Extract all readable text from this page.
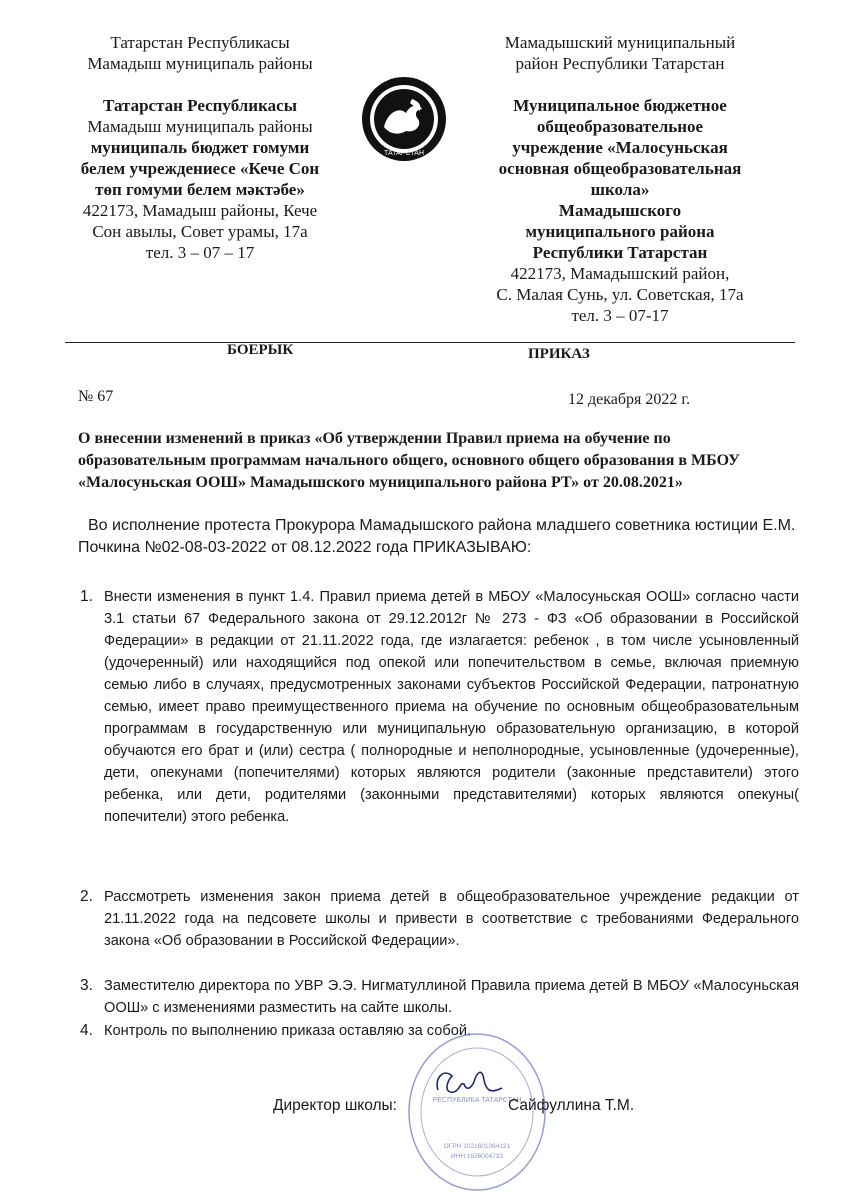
Татарстан Республикасы
Мамадыш муниципаль районы
Татарстан Республикасы
Мамадыш муниципаль районы
муниципаль бюджет гомуми
белем учреждениесе «Кече Сон
төп гомуми белем мәктәбе»
422173, Мамадыш районы, Кече
Сон авылы, Совет урамы, 17а
тел. 3 – 07 – 17
ТАТАРСТАН
Мамадышский муниципальный
район Республики Татарстан
Муниципальное бюджетное
общеобразовательное
учреждение «Малосуньская
основная общеобразовательная
школа»
Мамадышского
муниципального района
Республики Татарстан
422173, Мамадышский район,
С. Малая Сунь, ул. Советская, 17а
тел. 3 – 07-17
БОЕРЫК	ПРИКАЗ
№ 67	12 декабря 2022 г.
О внесении изменений в приказ «Об утверждении Правил приема на обучение по образовательным программам начального общего, основного общего образования в МБОУ «Малосуньская ООШ» Мамадышского муниципального района РТ» от 20.08.2021»
Во исполнение протеста Прокурора Мамадышского района младшего советника юстиции Е.М. Почкина №02-08-03-2022 от 08.12.2022 года ПРИКАЗЫВАЮ:
1. Внести изменения в пункт 1.4. Правил приема детей в МБОУ «Малосуньская ООШ» согласно части 3.1 статьи 67 Федерального закона от 29.12.2012г № 273 - ФЗ «Об образовании в Российской Федерации» в редакции от 21.11.2022 года, где излагается: ребенок , в том числе усыновленный (удочеренный) или находящийся под опекой или попечительством в семье, включая приемную семью либо в случаях, предусмотренных законами субъектов Российской Федерации, патронатную семью, имеет право преимущественного приема на обучение по основным общеобразовательным программам в государственную или муниципальную образовательную организацию, в которой обучаются его брат и (или) сестра ( полнородные и неполнородные, усыновленные (удочеренные), дети, опекунами (попечителями) которых являются родители (законные представители) этого ребенка, или дети, родителями (законными представителями) которых являются опекуны( попечители) этого ребенка.
2. Рассмотреть изменения закон приема детей в общеобразовательное учреждение редакции от 21.11.2022 года на педсовете школы и привести в соответствие с требованиями Федерального закона «Об образовании в Российской Федерации».
3. Заместителю директора по УВР Э.Э. Нигматуллиной Правила приема детей В МБОУ «Малосуньская ООШ» с изменениями разместить на сайте школы.
4. Контроль по выполнению приказа оставляю за собой.
РЕСПУБЛИКА ТАТАРСТАН
ОГРН 1021601064121
ИНН 1626004733
Директор школы:	Сайфуллина Т.М.
